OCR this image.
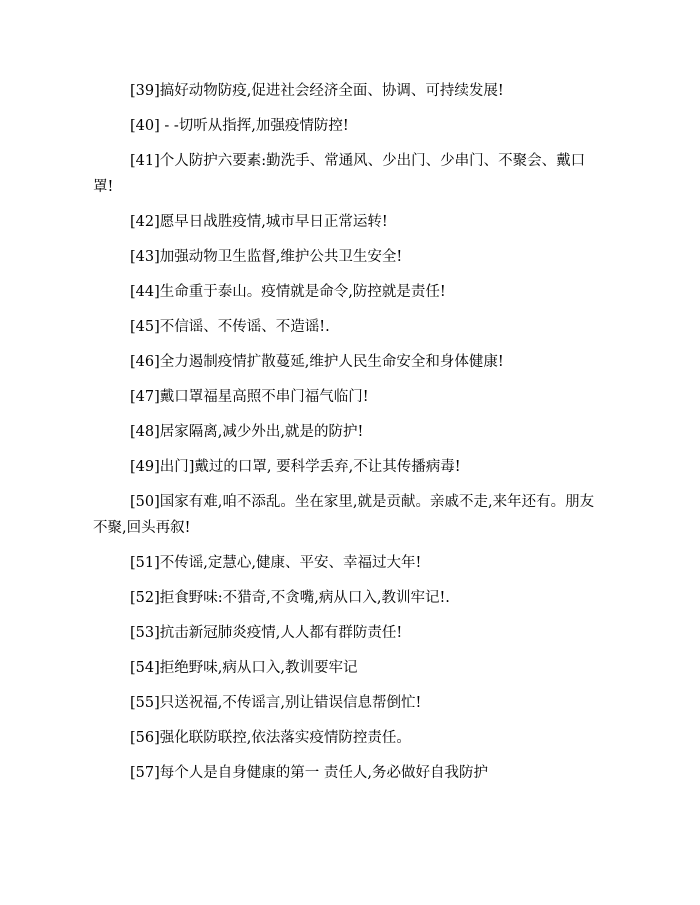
[39]搞好动物防疫,促进社会经济全面、协调、可持续发展!

[40] - -切听从指挥,加强疫情防控!

[41]个人防护六要素:勤洗手、常通风、少出门、少串门、不聚会、戴口罩!

[42]愿早日战胜疫情,城市早日正常运转!

[43]加强动物卫生监督,维护公共卫生安全!

[44]生命重于泰山。疫情就是命令,防控就是责任!

[45]不信谣、不传谣、不造谣!.

[46]全力遏制疫情扩散蔓延,维护人民生命安全和身体健康!

[47]戴口罩福星高照不串门福气临门!

[48]居家隔离,减少外出,就是的防护!

[49]出门]戴过的口罩, 要科学丢弃,不让其传播病毒!

[50]国家有难,咱不添乱。坐在家里,就是贡献。亲戚不走,来年还有。朋友不聚,回头再叙!

[51]不传谣,定慧心,健康、平安、幸福过大年!

[52]拒食野味:不猎奇,不贪嘴,病从口入,教训牢记!.

[53]抗击新冠肺炎疫情,人人都有群防责任!

[54]拒绝野味,病从口入,教训要牢记

[55]只送祝福,不传谣言,别让错误信息帮倒忙!

[56]强化联防联控,依法落实疫情防控责任。

[57]每个人是自身健康的第一 责任人,务必做好自我防护
